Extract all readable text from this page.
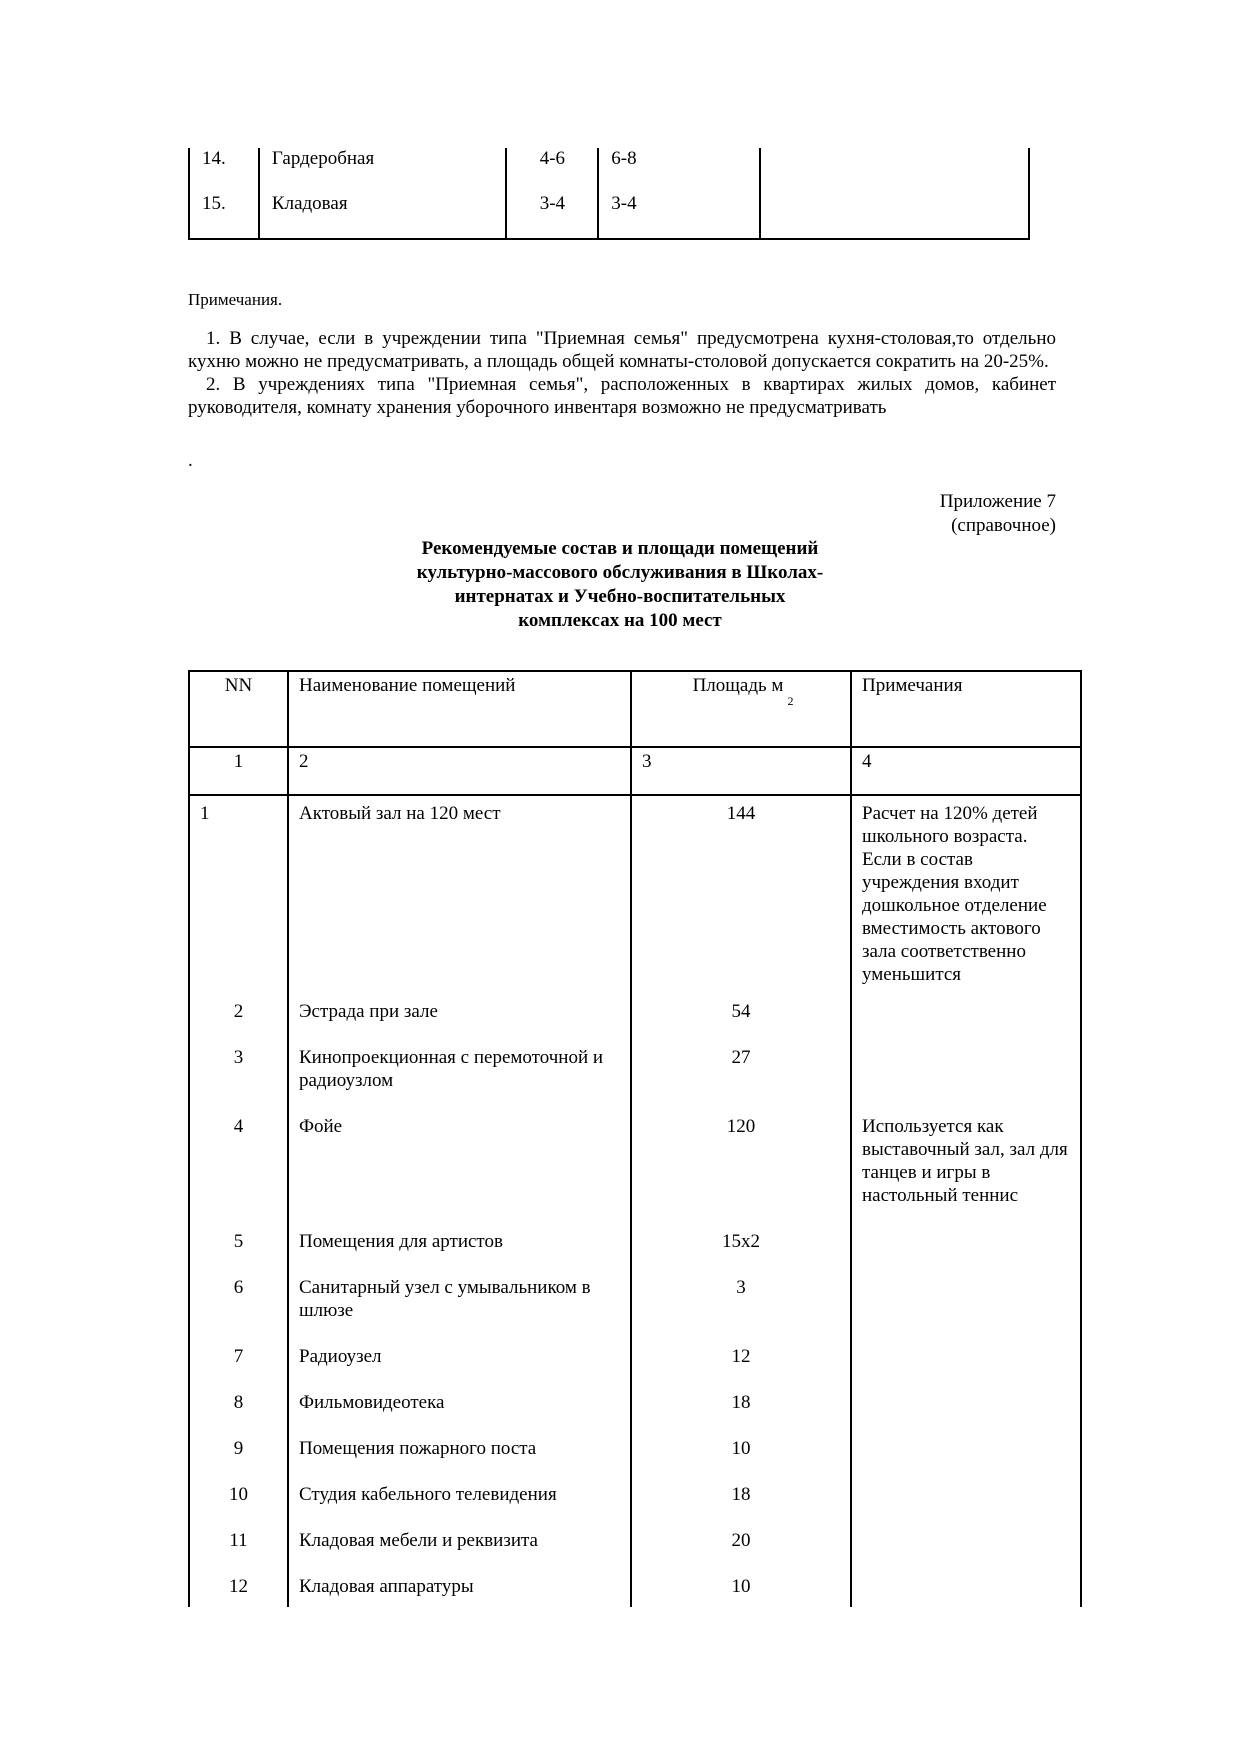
14.	Гардеробная	4-6	6-8	
15.	Кладовая	3-4	3-4	
Примечания.

1. В случае, если в учреждении типа "Приемная семья" предусмотрена кухня-столовая,то отдельно кухню можно не предусматривать, а площадь общей комнаты-столовой допускается сократить на 20-25%.

2. В учреждениях типа "Приемная семья", расположенных в квартирах жилых домов, кабинет руководителя, комнату хранения уборочного инвентаря возможно не предусматривать

.
Приложение 7
(справочное)
Рекомендуемые состав и площади помещений
культурно-массового обслуживания в Школах-
интернатах и Учебно-воспитательных
комплексах на 100 мест
NN	Наименование помещений	Площадь $м_2$	Примечания
1	2	3	4
1	Актовый зал на 120 мест	144	Расчет на 120% детей школьного возраста. Если в состав учреждения входит дошкольное отделение вместимость актового зала соответственно уменьшится
2	Эстрада при зале	54	
3	Кинопроекционная с перемоточной и радиоузлом	27	
4	Фойе	120	Используется как выставочный зал, зал для танцев и игры в настольный теннис
5	Помещения для артистов	15x2	
6	Санитарный узел с умывальником в шлюзе	3	
7	Радиоузел	12	
8	Фильмовидеотека	18	
9	Помещения пожарного поста	10	
10	Студия кабельного телевидения	18	
11	Кладовая мебели и реквизита	20	
12	Кладовая аппаратуры	10	
